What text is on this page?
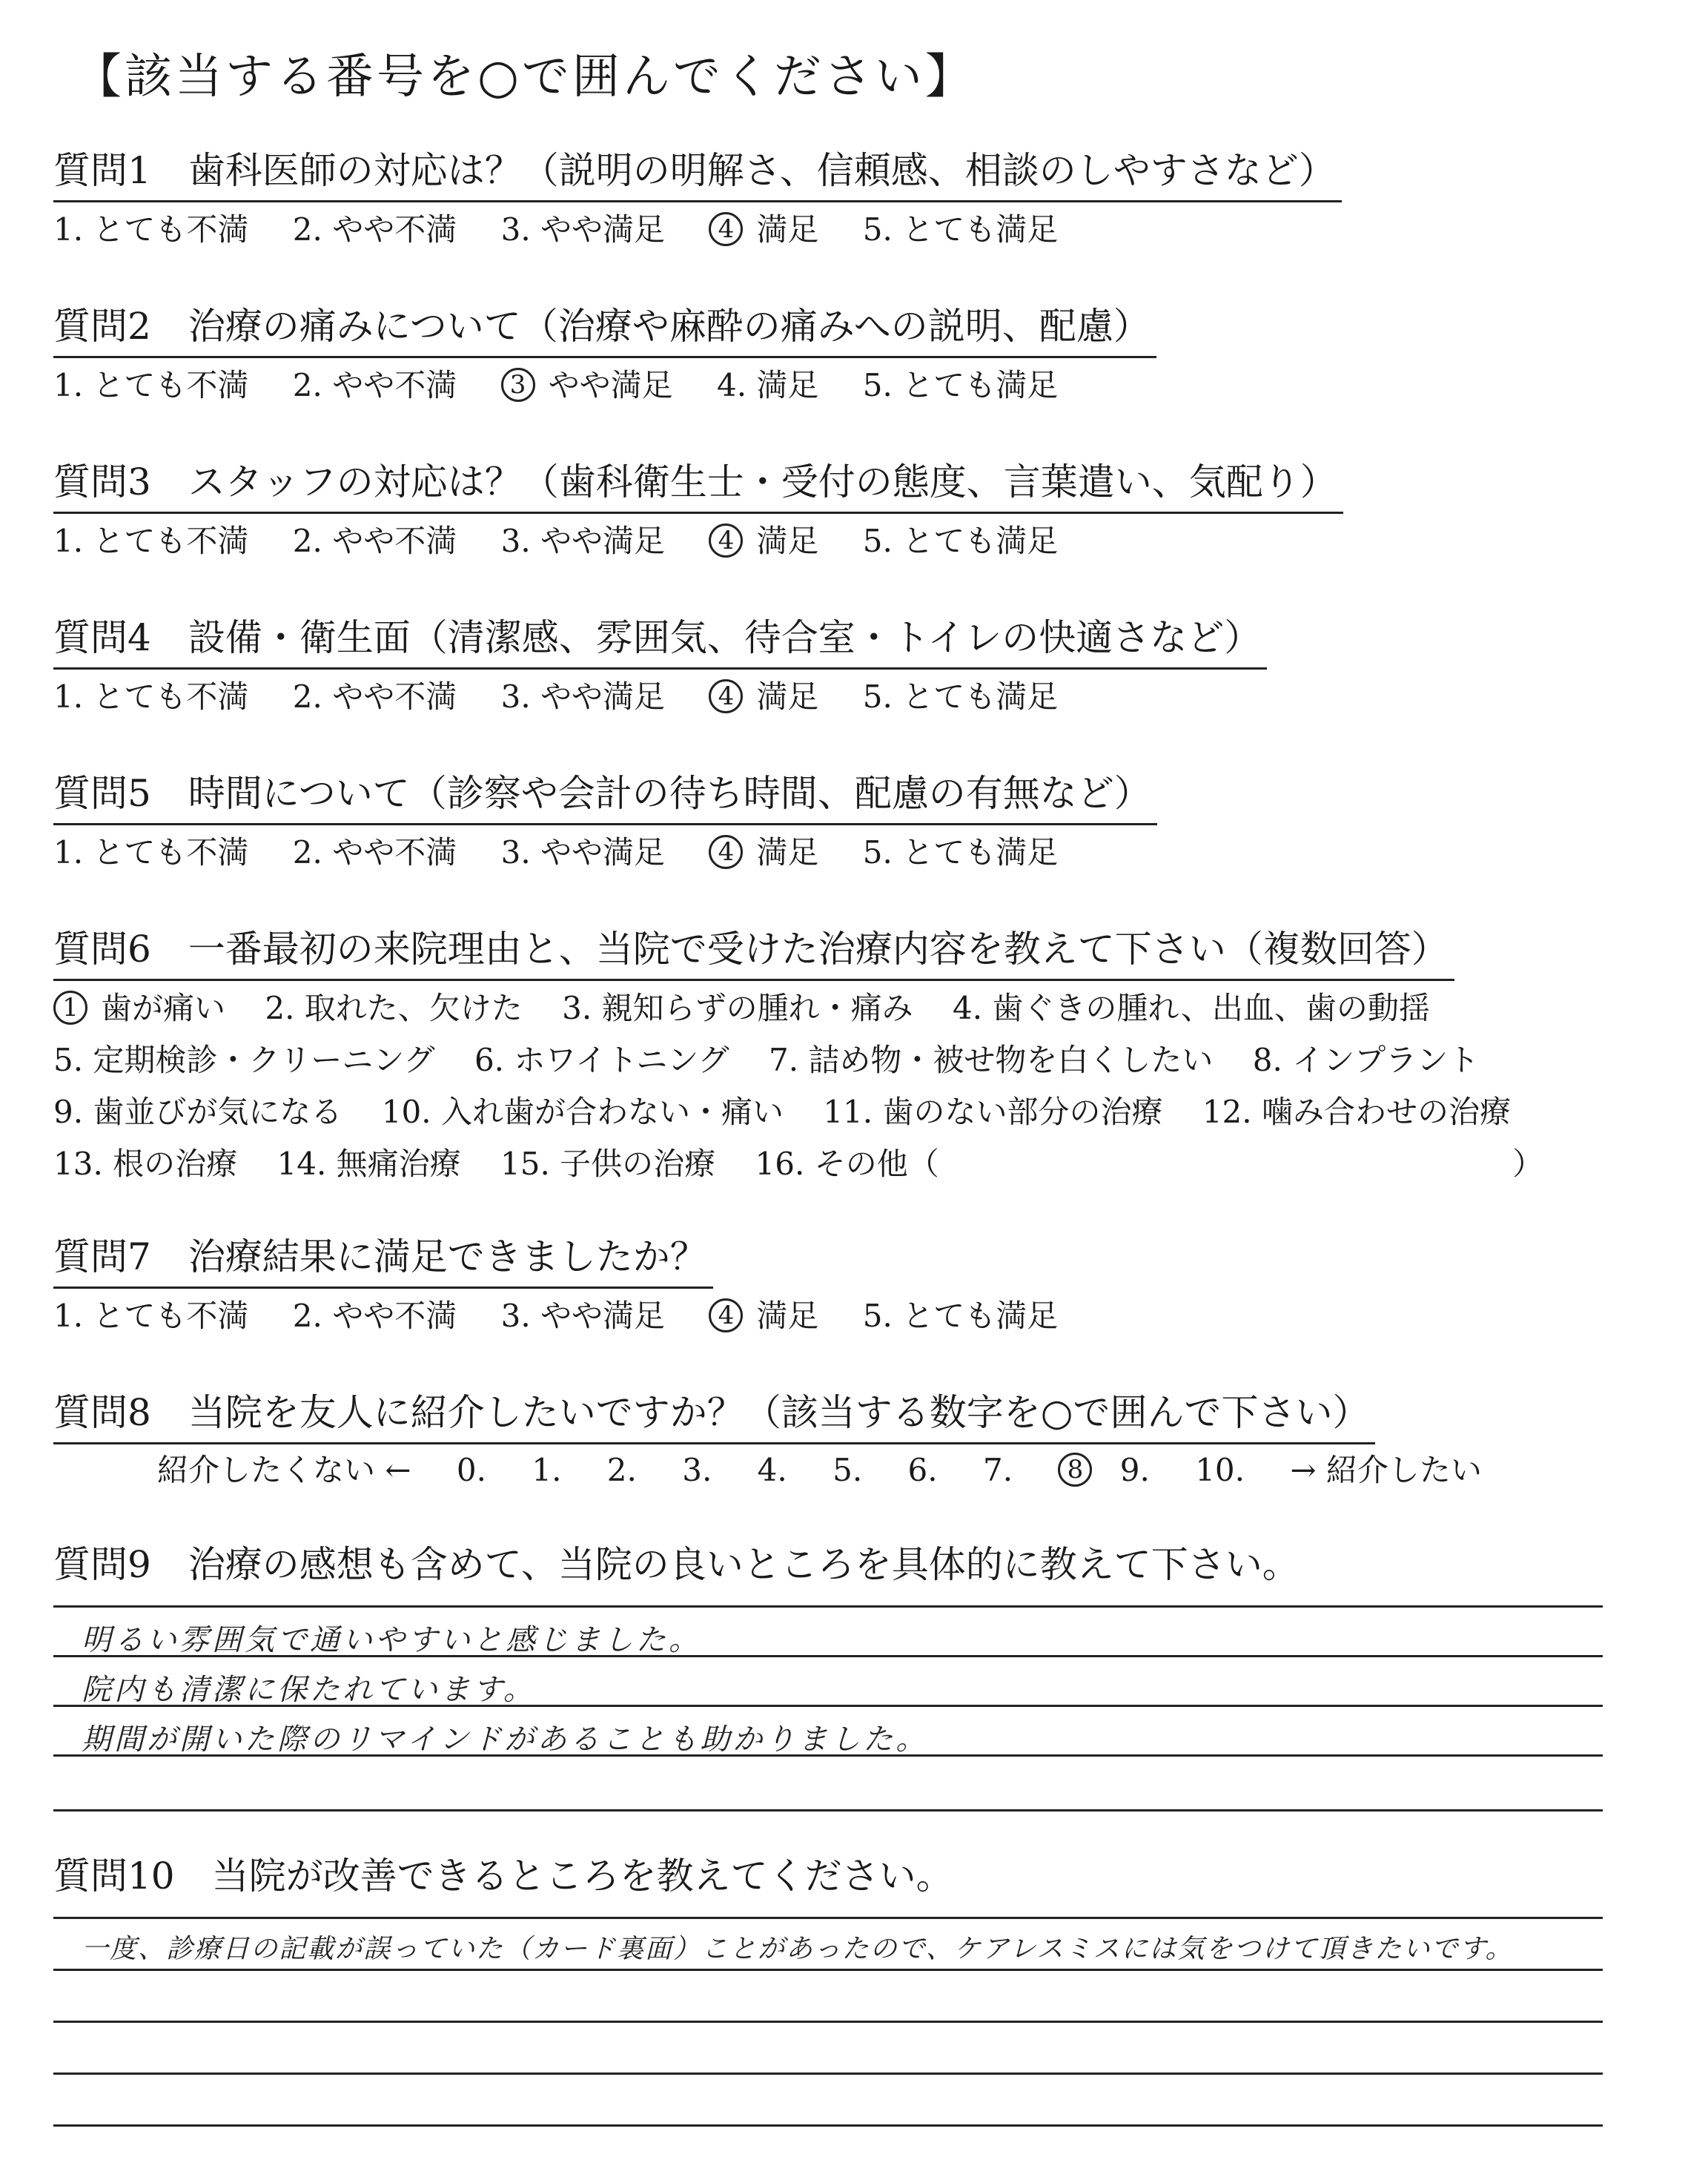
【該当する番号を○で囲んでください】
質問1 歯科医師の対応は？（説明の明解さ、信頼感、相談のしやすさなど）
1. とても不満 2. やや不満 3. やや満足 4 満足 5. とても満足
質問2 治療の痛みについて（治療や麻酔の痛みへの説明、配慮）
1. とても不満 2. やや不満 3 やや満足 4. 満足 5. とても満足
質問3 スタッフの対応は？（歯科衛生士・受付の態度、言葉遣い、気配り）
1. とても不満 2. やや不満 3. やや満足 4 満足 5. とても満足
質問4 設備・衛生面（清潔感、雰囲気、待合室・トイレの快適さなど）
1. とても不満 2. やや不満 3. やや満足 4 満足 5. とても満足
質問5 時間について（診察や会計の待ち時間、配慮の有無など）
1. とても不満 2. やや不満 3. やや満足 4 満足 5. とても満足
質問6 一番最初の来院理由と、当院で受けた治療内容を教えて下さい（複数回答）
1 歯が痛い 2. 取れた、欠けた 3. 親知らずの腫れ・痛み 4. 歯ぐきの腫れ、出血、歯の動揺
5. 定期検診・クリーニング 6. ホワイトニング 7. 詰め物・被せ物を白くしたい 8. インプラント
9. 歯並びが気になる 10. 入れ歯が合わない・痛い 11. 歯のない部分の治療 12. 噛み合わせの治療
13. 根の治療 14. 無痛治療 15. 子供の治療 16. その他（	）
質問7 治療結果に満足できましたか？
1. とても不満 2. やや不満 3. やや満足 4 満足 5. とても満足
質問8 当院を友人に紹介したいですか？（該当する数字を○で囲んで下さい）
紹介したくない ← 0. 1. 2. 3. 4. 5. 6. 7. 8 9. 10. → 紹介したい
質問9 治療の感想も含めて、当院の良いところを具体的に教えて下さい。
明るい雰囲気で通いやすいと感じました。
院内も清潔に保たれています。
期間が開いた際のリマインドがあることも助かりました。
質問10 当院が改善できるところを教えてください。
一度、診療日の記載が誤っていた（カード裏面）ことがあったので、ケアレスミスには気をつけて頂きたいです。
